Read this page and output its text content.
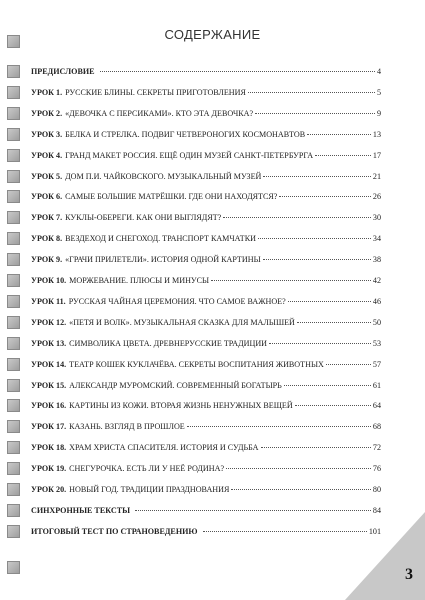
СОДЕРЖАНИЕ
ПРЕДИСЛОВИЕ	4
УРОК 1. РУССКИЕ БЛИНЫ. СЕКРЕТЫ ПРИГОТОВЛЕНИЯ	5
УРОК 2. «ДЕВОЧКА С ПЕРСИКАМИ». КТО ЭТА ДЕВОЧКА?	9
УРОК 3. БЕЛКА И СТРЕЛКА. ПОДВИГ ЧЕТВЕРОНОГИХ КОСМОНАВТОВ	13
УРОК 4. ГРАНД МАКЕТ РОССИЯ. ЕЩЁ ОДИН МУЗЕЙ САНКТ-ПЕТЕРБУРГА	17
УРОК 5. ДОМ П.И. ЧАЙКОВСКОГО. МУЗЫКАЛЬНЫЙ МУЗЕЙ	21
УРОК 6. САМЫЕ БОЛЬШИЕ МАТРЁШКИ. ГДЕ ОНИ НАХОДЯТСЯ?	26
УРОК 7. КУКЛЫ-ОБЕРЕГИ. КАК ОНИ ВЫГЛЯДЯТ?	30
УРОК 8. ВЕЗДЕХОД И СНЕГОХОД. ТРАНСПОРТ КАМЧАТКИ	34
УРОК 9. «ГРАЧИ ПРИЛЕТЕЛИ». ИСТОРИЯ ОДНОЙ КАРТИНЫ	38
УРОК 10. МОРЖЕВАНИЕ. ПЛЮСЫ И МИНУСЫ	42
УРОК 11. РУССКАЯ ЧАЙНАЯ ЦЕРЕМОНИЯ. ЧТО САМОЕ ВАЖНОЕ?	46
УРОК 12. «ПЕТЯ И ВОЛК». МУЗЫКАЛЬНАЯ СКАЗКА ДЛЯ МАЛЫШЕЙ	50
УРОК 13. СИМВОЛИКА ЦВЕТА. ДРЕВНЕРУССКИЕ ТРАДИЦИИ	53
УРОК 14. ТЕАТР КОШЕК КУКЛАЧЁВА. СЕКРЕТЫ ВОСПИТАНИЯ ЖИВОТНЫХ	57
УРОК 15. АЛЕКСАНДР МУРОМСКИЙ. СОВРЕМЕННЫЙ БОГАТЫРЬ	61
УРОК 16. КАРТИНЫ ИЗ КОЖИ. ВТОРАЯ ЖИЗНЬ НЕНУЖНЫХ ВЕЩЕЙ	64
УРОК 17. КАЗАНЬ. ВЗГЛЯД В ПРОШЛОЕ	68
УРОК 18. ХРАМ ХРИСТА СПАСИТЕЛЯ. ИСТОРИЯ И СУДЬБА	72
УРОК 19. СНЕГУРОЧКА. ЕСТЬ ЛИ У НЕЁ РОДИНА?	76
УРОК 20. НОВЫЙ ГОД. ТРАДИЦИИ ПРАЗДНОВАНИЯ	80
СИНХРОННЫЕ ТЕКСТЫ	84
ИТОГОВЫЙ ТЕСТ ПО СТРАНОВЕДЕНИЮ	101
3
